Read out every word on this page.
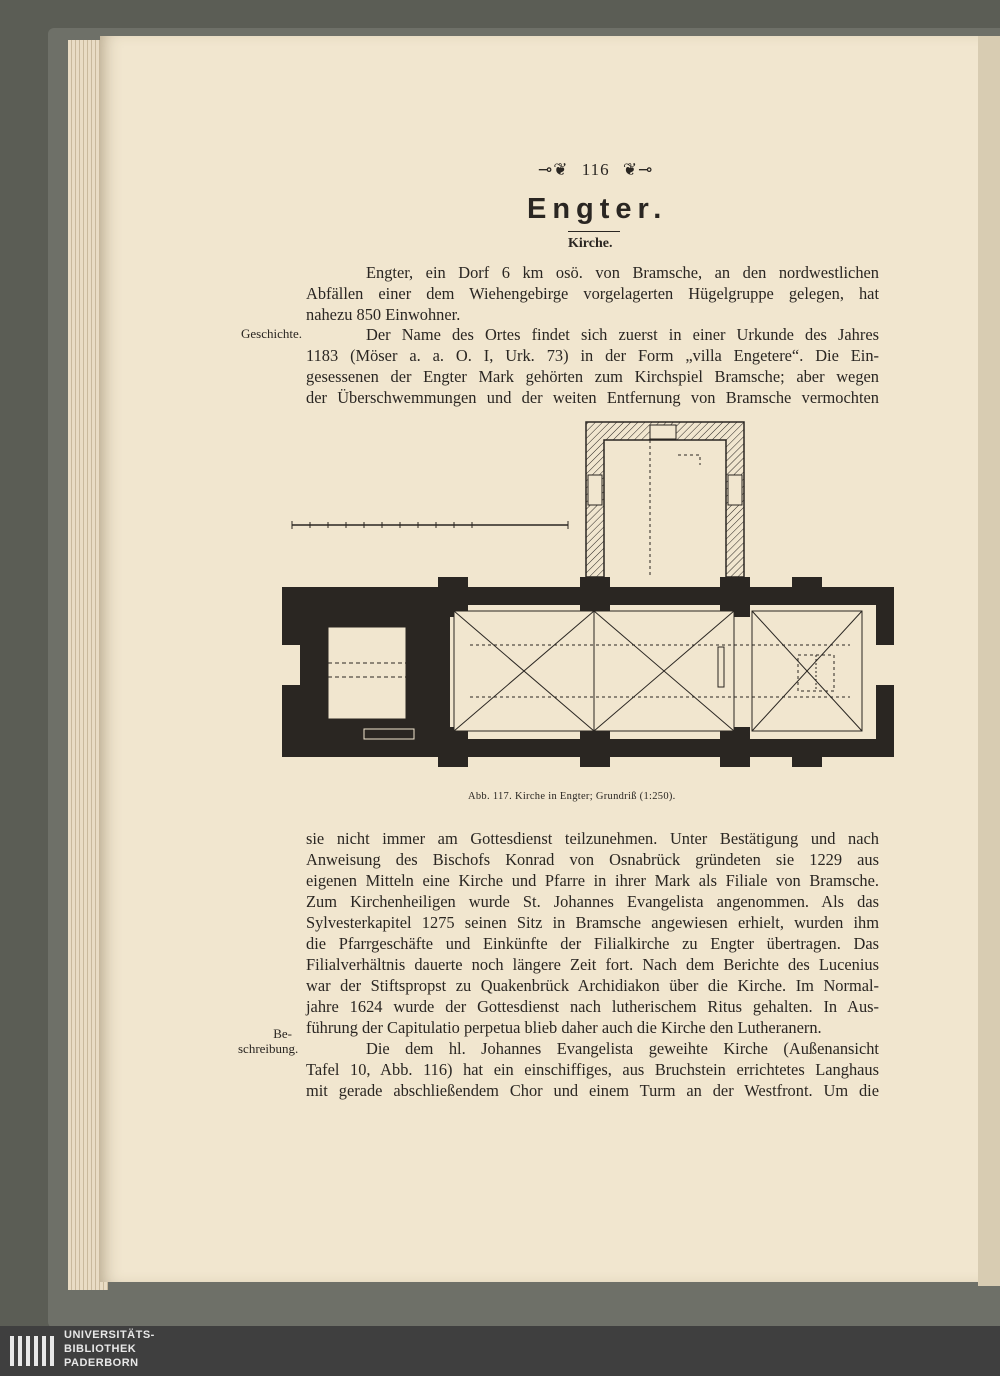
⊸❦ 116 ❦⊸
Engter.
Kirche.
Engter, ein Dorf 6 km osö. von Bramsche, an den nordwestlichen
Abfällen einer dem Wiehengebirge vorgelagerten Hügelgruppe gelegen, hat
nahezu 850 Einwohner.
Geschichte.	Der Name des Ortes findet sich zuerst in einer Urkunde des Jahres
1183 (Möser a. a. O. I, Urk. 73) in der Form „villa Engetere“. Die Ein-
gesessenen der Engter Mark gehörten zum Kirchspiel Bramsche; aber wegen
der Überschwemmungen und der weiten Entfernung von Bramsche vermochten
Abb. 117. Kirche in Engter; Grundriß (1:250).
sie nicht immer am Gottesdienst teilzunehmen. Unter Bestätigung und nach
Anweisung des Bischofs Konrad von Osnabrück gründeten sie 1229 aus
eigenen Mitteln eine Kirche und Pfarre in ihrer Mark als Filiale von Bramsche.
Zum Kirchenheiligen wurde St. Johannes Evangelista angenommen. Als das
Sylvesterkapitel 1275 seinen Sitz in Bramsche angewiesen erhielt, wurden ihm
die Pfarrgeschäfte und Einkünfte der Filialkirche zu Engter übertragen. Das
Filialverhältnis dauerte noch längere Zeit fort. Nach dem Berichte des Lucenius
war der Stiftspropst zu Quakenbrück Archidiakon über die Kirche. Im Normal-
jahre 1624 wurde der Gottesdienst nach lutherischem Ritus gehalten. In Aus-
führung der Capitulatio perpetua blieb daher auch die Kirche den Lutheranern.
Be-
schreibung.	Die dem hl. Johannes Evangelista geweihte Kirche (Außenansicht
Tafel 10, Abb. 116) hat ein einschiffiges, aus Bruchstein errichtetes Langhaus
mit gerade abschließendem Chor und einem Turm an der Westfront. Um die
UNIVERSITÄTS-
BIBLIOTHEK
PADERBORN
